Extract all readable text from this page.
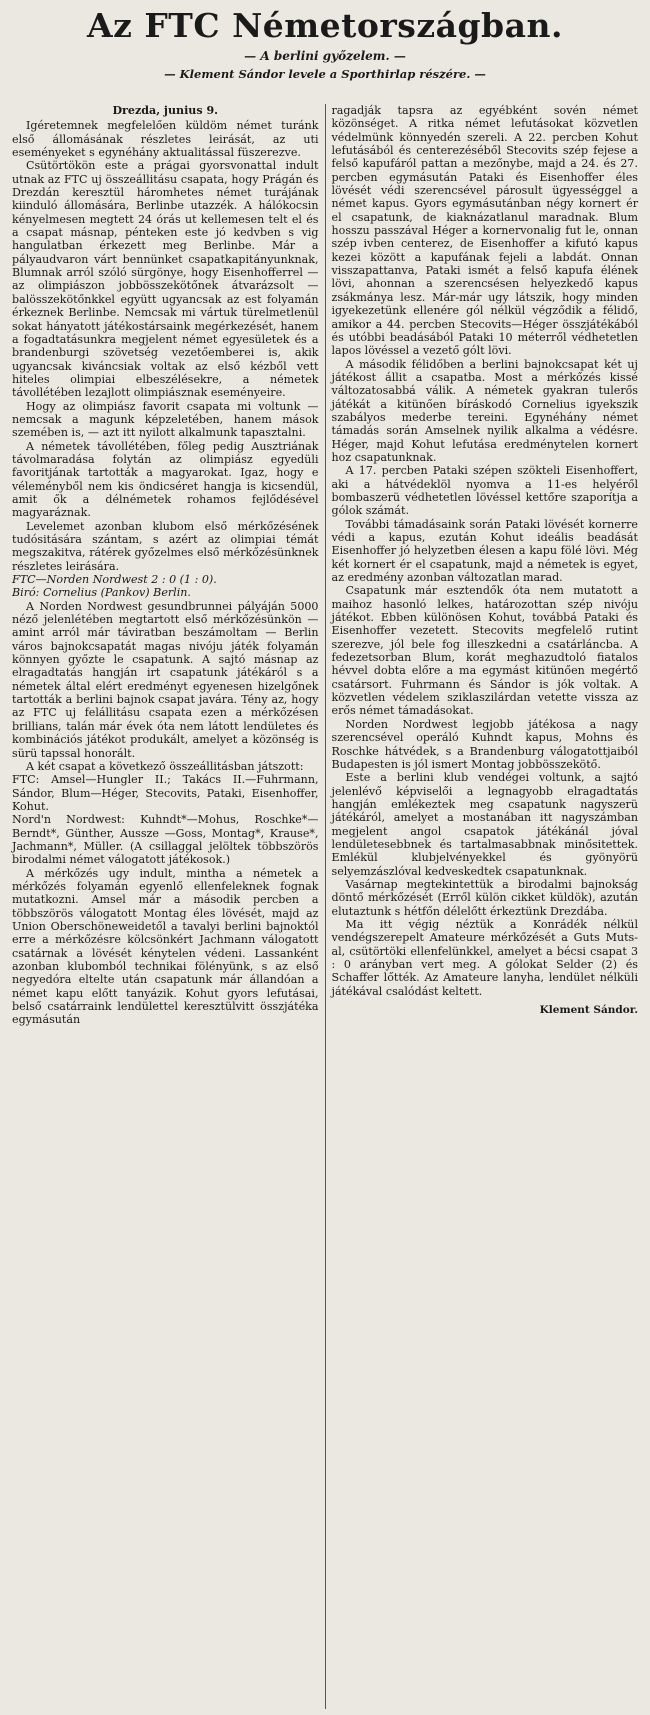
Az FTC Németországban.
— A berlini győzelem. —
— Klement Sándor levele a Sporthirlap részére. —

Drezda, junius 9.

Igéretemnek megfelelően küldöm német turánk első állomásának részletes leirását, az uti eseményeket s egynéhány aktualitással füszerezve.

Csütörtökön este a prágai gyorsvonattal indult utnak az FTC uj összeállitásu csapata, hogy Prágán és Drezdán keresztül háromhetes német turájának kiinduló állomására, Berlinbe utazzék. A hálókocsin kényelmesen megtett 24 órás ut kellemesen telt el és a csapat másnap, pénteken este jó kedvben s vig hangulatban érkezett meg Berlinbe. Már a pályaudvaron várt bennünket csapatkapitányunknak, Blumnak arról szóló sürgönye, hogy Eisenhofferrel — az olimpiászon jobbösszekötőnek átvarázsolt — balösszekötőnkkel együtt ugyancsak az est folyamán érkeznek Berlinbe. Nemcsak mi vártuk türelmetlenül sokat hányatott játékostársaink megérkezését, hanem a fogadtatásunkra megjelent német egyesületek és a brandenburgi szövetség vezetőemberei is, akik ugyancsak kiváncsiak voltak az első kézből vett hiteles olimpiai elbeszélésekre, a németek távollétében lezajlott olimpiásznak eseményeire.

Hogy az olimpiász favorit csapata mi voltunk — nemcsak a magunk képzeletében, hanem mások szemében is, — azt itt nyilott alkalmunk tapasztalni.

A németek távollétében, főleg pedig Ausztriának távolmaradása folytán az olimpiász egyedüli favoritjának tartották a magyarokat. Igaz, hogy e véleményből nem kis öndicséret hangja is kicsendül, amit ők a délnémetek rohamos fejlődésével magyaráznak.

Levelemet azonban klubom első mérkőzésének tudósitására szántam, s azért az olimpiai témát megszakitva, rátérek győzelmes első mérkőzésünknek részletes leirására.

FTC—Norden Nordwest 2 : 0 (1 : 0).

Biró: Cornelius (Pankov) Berlin.

A Norden Nordwest gesundbrunnei pályáján 5000 néző jelenlétében megtartott első mérkőzésünkön — amint arról már táviratban beszámoltam — Berlin város bajnokcsapatát magas nivóju játék folyamán könnyen győzte le csapatunk. A sajtó másnap az elragadtatás hangján irt csapatunk játékáról s a németek által elért eredményt egyenesen hizelgőnek tartották a berlini bajnok csapat javára. Tény az, hogy az FTC uj felállitásu csapata ezen a mérkőzésen brillians, talán már évek óta nem látott lendületes és kombinációs játékot produkált, amelyet a közönség is sürü tapssal honorált.

A két csapat a következő összeállitásban játszott:

FTC: Amsel—Hungler II.; Takács II.—Fuhrmann, Sándor, Blum—Héger, Stecovits, Pataki, Eisenhoffer, Kohut.

Nord'n Nordwest: Kuhndt*—Mohus, Roschke*—Berndt*, Günther, Aussze —Goss, Montag*, Krause*, Jachmann*, Müller. (A csillaggal jelöltek többszörös birodalmi német válogatott játékosok.)

A mérkőzés ugy indult, mintha a németek a mérkőzés folyamán egyenlő ellenfeleknek fognak mutatkozni. Amsel már a második percben a többszörös válogatott Montag éles lövését, majd az Union Oberschöneweidetől a tavalyi berlini bajnoktól erre a mérkőzésre kölcsönkért Jachmann válogatott csatárnak a lövését kénytelen védeni. Lassanként azonban klubomból technikai fölényünk, s az első negyedóra eltelte után csapatunk már állandóan a német kapu előtt tanyázik. Kohut gyors lefutásai, belső csatárraink lendülettel keresztülvitt összjátéka egymásután

ragadják tapsra az egyébként sovén német közönséget. A ritka német lefutásokat közvetlen védelmünk könnyedén szereli. A 22. percben Kohut lefutásából és centerezéséből Stecovits szép fejese a felső kapufáról pattan a mezőnybe, majd a 24. és 27. percben egymásután Pataki és Eisenhoffer éles lövését védi szerencsével párosult ügyességgel a német kapus. Gyors egymásutánban négy kornert ér el csapatunk, de kiaknázatlanul maradnak. Blum hosszu passzával Héger a kornervonalig fut le, onnan szép ivben centerez, de Eisenhoffer a kifutó kapus kezei között a kapufának fejeli a labdát. Onnan visszapattanva, Pataki ismét a felső kapufa élének lövi, ahonnan a szerencsésen helyezkedő kapus zsákmánya lesz. Már-már ugy látszik, hogy minden igyekezetünk ellenére gól nélkül végződik a félidő, amikor a 44. percben Stecovits—Héger összjátékából és utóbbi beadásából Pataki 10 méterről védhetetlen lapos lövéssel a vezető gólt lövi.

A második félidőben a berlini bajnokcsapat két uj játékost állit a csapatba. Most a mérkőzés kissé változatosabbá válik. A németek gyakran tulerős játékát a kitünően bíráskodó Cornelius igyekszik szabályos mederbe tereini. Egynéhány német támadás során Amselnek nyilik alkalma a védésre. Héger, majd Kohut lefutása eredménytelen kornert hoz csapatunknak.

A 17. percben Pataki szépen szökteli Eisenhoffert, aki a hátvédeklöl nyomva a 11-es helyéről bombaszerü védhetetlen lövéssel kettőre szaporítja a gólok számát.

További támadásaink során Pataki lövését kornerre védi a kapus, ezután Kohut ideális beadását Eisenhoffer jó helyzetben élesen a kapu fölé lövi. Még két kornert ér el csapatunk, majd a németek is egyet, az eredmény azonban változatlan marad.

Csapatunk már esztendők óta nem mutatott a maihoz hasonló lelkes, határozottan szép nivóju játékot. Ebben különösen Kohut, továbbá Pataki és Eisenhoffer vezetett. Stecovits megfelelő rutint szerezve, jól bele fog illeszkedni a csatárláncba. A fedezetsorban Blum, korát meghazudtoló fiatalos hévvel dobta előre a ma egymást kitünően megértő csatársort. Fuhrmann és Sándor is jók voltak. A közvetlen védelem sziklaszilárdan vetette vissza az erős német támadásokat.

Norden Nordwest legjobb játékosa a nagy szerencsével operáló Kuhndt kapus, Mohns és Roschke hátvédek, s a Brandenburg válogatottjaiból Budapesten is jól ismert Montag jobbösszekötő.

Este a berlini klub vendégei voltunk, a sajtó jelenlévő képviselői a legnagyobb elragadtatás hangján emlékeztek meg csapatunk nagyszerü játékáról, amelyet a mostanában itt nagyszámban megjelent angol csapatok játékánál jóval lendületesebbnek és tartalmasabbnak minősitettek. Emlékül klubjelvényekkel és gyönyörü selyemzászlóval kedveskedtek csapatunknak.

Vasárnap megtekintettük a birodalmi bajnokság döntő mérkőzését (Erről külön cikket küldök), azután elutaztunk s hétfőn délelőtt érkeztünk Drezdába.

Ma itt végig néztük a Konrádék nélkül vendégszerepelt Amateure mérkőzését a Guts Muts-al, csütörtöki ellenfelünkkel, amelyet a bécsi csapat 3 : 0 arányban vert meg. A gólokat Selder (2) és Schaffer lőtték. Az Amateure lanyha, lendület nélküli játékával csalódást keltett.

Klement Sándor.
